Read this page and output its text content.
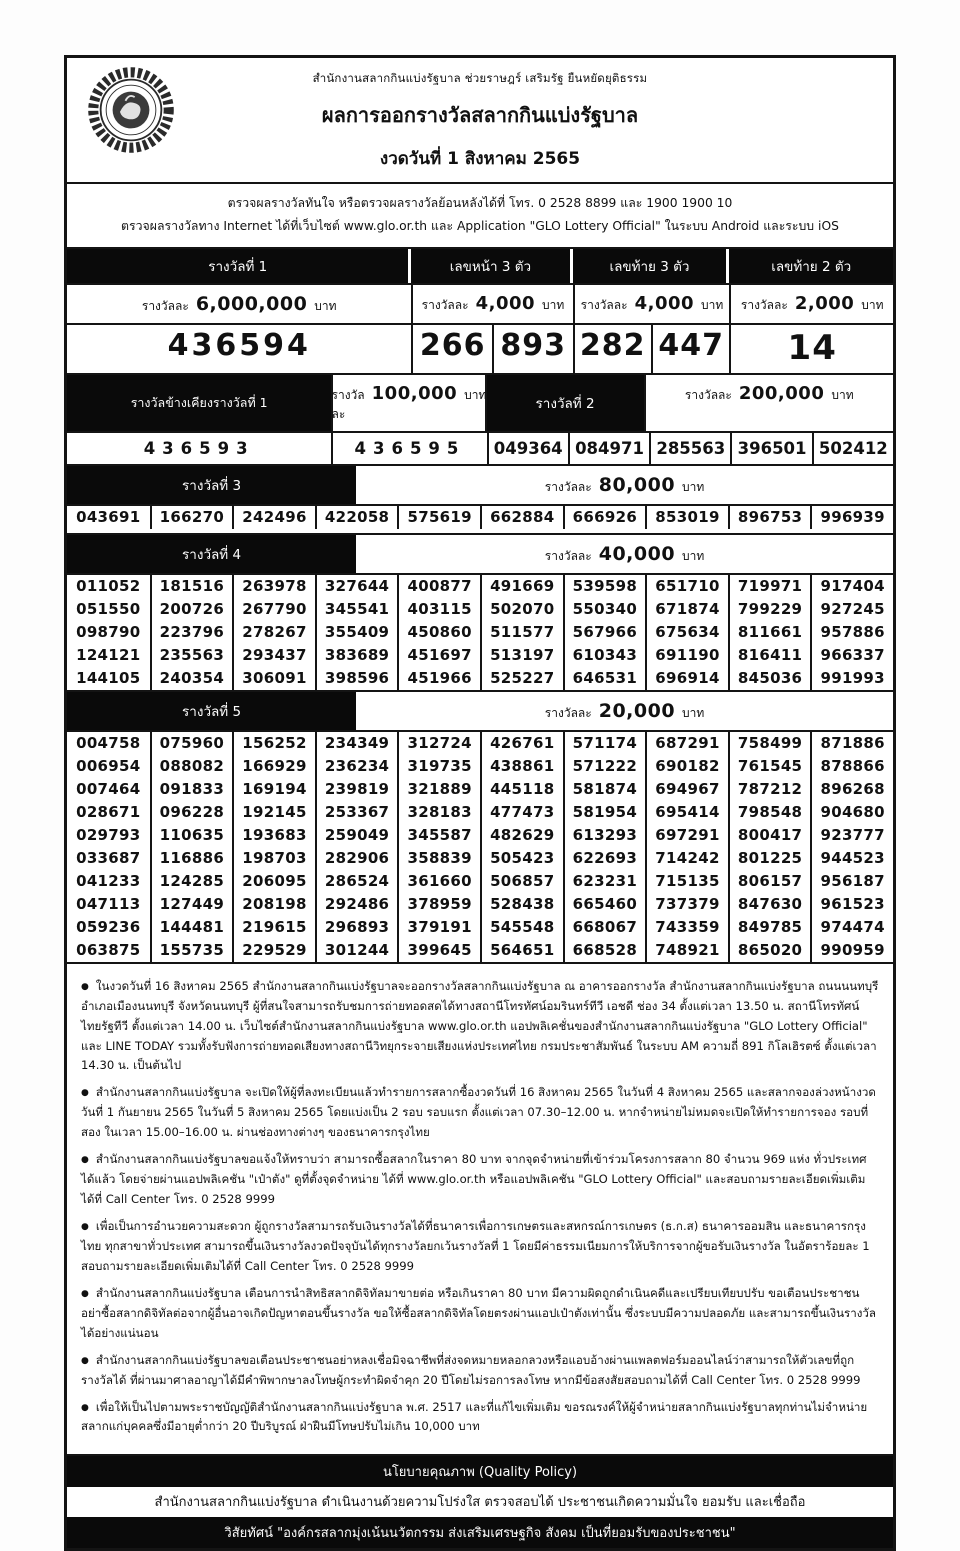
สำนักงานสลากกินแบ่งรัฐบาล ช่วยราษฎร์ เสริมรัฐ ยืนหยัดยุติธรรม
ผลการออกรางวัลสลากกินแบ่งรัฐบาล
งวดวันที่ 1 สิงหาคม 2565
ตรวจผลรางวัลทันใจ หรือตรวจผลรางวัลย้อนหลังได้ที่ โทร. 0 2528 8899 และ 1900 1900 10
ตรวจผลรางวัลทาง Internet ได้ที่เว็บไซต์ www.glo.or.th และ Application "GLO Lottery Official" ในระบบ Android และระบบ iOS
รางวัลที่ 1	เลขหน้า 3 ตัว	เลขท้าย 3 ตัว	เลขท้าย 2 ตัว
รางวัลละ 6,000,000 บาท	รางวัลละ 4,000 บาท รางวัลละ 4,000 บาท รางวัลละ 2,000 บาท
436594	266 893 282 447	14
รางวัลข้างเคียงรางวัลที่ 1	รางวัลละ
100,000 บาท
รางวัลที่ 2
รางวัลละ 200,000 บาท
436593	436595	049364 084971 285563 396501 502412
รางวัลที่ 3	รางวัลละ 80,000 บาท
043691	166270	242496	422058	575619	662884	666926	853019	896753	996939
รางวัลที่ 4	รางวัลละ 40,000 บาท
011052	181516	263978	327644	400877	491669	539598	651710	719971	917404
051550	200726	267790	345541	403115	502070	550340	671874	799229	927245
098790	223796	278267	355409	450860	511577	567966	675634	811661	957886
124121	235563	293437	383689	451697	513197	610343	691190	816411	966337
144105	240354	306091	398596	451966	525227	646531	696914	845036	991993
รางวัลที่ 5	รางวัลละ 20,000 บาท
004758	075960	156252	234349	312724	426761	571174	687291	758499	871886
006954	088082	166929	236234	319735	438861	571222	690182	761545	878866
007464	091833	169194	239819	321889	445118	581874	694967	787212	896268
028671	096228	192145	253367	328183	477473	581954	695414	798548	904680
029793	110635	193683	259049	345587	482629	613293	697291	800417	923777
033687	116886	198703	282906	358839	505423	622693	714242	801225	944523
041233	124285	206095	286524	361660	506857	623231	715135	806157	956187
047113	127449	208198	292486	378959	528438	665460	737379	847630	961523
059236	144481	219615	296893	379191	545548	668067	743359	849785	974474
063875	155735	229529	301244	399645	564651	668528	748921	865020	990959
● ในงวดวันที่ 16 สิงหาคม 2565 สำนักงานสลากกินแบ่งรัฐบาลจะออกรางวัลสลากกินแบ่งรัฐบาล ณ อาคารออกรางวัล สำนักงานสลากกินแบ่งรัฐบาล ถนนนนทบุรี อำเภอเมืองนนทบุรี จังหวัดนนทบุรี ผู้ที่สนใจสามารถรับชมการถ่ายทอดสดได้ทางสถานีโทรทัศน์อมรินทร์ทีวี เอชดี ช่อง 34 ตั้งแต่เวลา 13.50 น. สถานีโทรทัศน์ไทยรัฐทีวี ตั้งแต่เวลา 14.00 น. เว็บไซต์สำนักงานสลากกินแบ่งรัฐบาล www.glo.or.th แอปพลิเคชั่นของสำนักงานสลากกินแบ่งรัฐบาล "GLO Lottery Official" และ LINE TODAY รวมทั้งรับฟังการถ่ายทอดเสียงทางสถานีวิทยุกระจายเสียงแห่งประเทศไทย กรมประชาสัมพันธ์ ในระบบ AM ความถี่ 891 กิโลเฮิรตซ์ ตั้งแต่เวลา 14.30 น. เป็นต้นไป
● สำนักงานสลากกินแบ่งรัฐบาล จะเปิดให้ผู้ที่ลงทะเบียนแล้วทำรายการสลากซื้องวดวันที่ 16 สิงหาคม 2565 ในวันที่ 4 สิงหาคม 2565 และสลากจองล่วงหน้างวดวันที่ 1 กันยายน 2565 ในวันที่ 5 สิงหาคม 2565 โดยแบ่งเป็น 2 รอบ รอบแรก ตั้งแต่เวลา 07.30–12.00 น. หากจำหน่ายไม่หมดจะเปิดให้ทำรายการจอง รอบที่สอง ในเวลา 15.00–16.00 น. ผ่านช่องทางต่างๆ ของธนาคารกรุงไทย
● สำนักงานสลากกินแบ่งรัฐบาลขอแจ้งให้ทราบว่า สามารถซื้อสลากในราคา 80 บาท จากจุดจำหน่ายที่เข้าร่วมโครงการสลาก 80 จำนวน 969 แห่ง ทั่วประเทศได้แล้ว โดยจ่ายผ่านแอปพลิเคชัน "เป๋าตัง" ดูที่ตั้งจุดจำหน่าย ได้ที่ www.glo.or.th หรือแอปพลิเคชัน "GLO Lottery Official" และสอบถามรายละเอียดเพิ่มเติมได้ที่ Call Center โทร. 0 2528 9999
● เพื่อเป็นการอำนวยความสะดวก ผู้ถูกรางวัลสามารถรับเงินรางวัลได้ที่ธนาคารเพื่อการเกษตรและสหกรณ์การเกษตร (ธ.ก.ส) ธนาคารออมสิน และธนาคารกรุงไทย ทุกสาขาทั่วประเทศ สามารถขึ้นเงินรางวัลงวดปัจจุบันได้ทุกรางวัลยกเว้นรางวัลที่ 1 โดยมีค่าธรรมเนียมการให้บริการจากผู้ขอรับเงินรางวัล ในอัตราร้อยละ 1 สอบถามรายละเอียดเพิ่มเติมได้ที่ Call Center โทร. 0 2528 9999
● สำนักงานสลากกินแบ่งรัฐบาล เตือนการนำสิทธิสลากดิจิทัลมาขายต่อ หรือเกินราคา 80 บาท มีความผิดถูกดำเนินคดีและเปรียบเทียบปรับ ขอเตือนประชาชนอย่าซื้อสลากดิจิทัลต่อจากผู้อื่นอาจเกิดปัญหาตอนขึ้นรางวัล ขอให้ซื้อสลากดิจิทัลโดยตรงผ่านแอปเป๋าตังเท่านั้น ซึ่งระบบมีความปลอดภัย และสามารถขึ้นเงินรางวัลได้อย่างแน่นอน
● สำนักงานสลากกินแบ่งรัฐบาลขอเตือนประชาชนอย่าหลงเชื่อมิจฉาชีพที่ส่งจดหมายหลอกลวงหรือแอบอ้างผ่านแพลตฟอร์มออนไลน์ว่าสามารถให้ตัวเลขที่ถูกรางวัลได้ ที่ผ่านมาศาลอาญาได้มีคำพิพากษาลงโทษผู้กระทำผิดจำคุก 20 ปีโดยไม่รอการลงโทษ หากมีข้อสงสัยสอบถามได้ที่ Call Center โทร. 0 2528 9999
● เพื่อให้เป็นไปตามพระราชบัญญัติสำนักงานสลากกินแบ่งรัฐบาล พ.ศ. 2517 และที่แก้ไขเพิ่มเติม ขอรณรงค์ให้ผู้จำหน่ายสลากกินแบ่งรัฐบาลทุกท่านไม่จำหน่ายสลากแก่บุคคลซึ่งมีอายุต่ำกว่า 20 ปีบริบูรณ์ ฝ่าฝืนมีโทษปรับไม่เกิน 10,000 บาท
นโยบายคุณภาพ (Quality Policy)
สำนักงานสลากกินแบ่งรัฐบาล ดำเนินงานด้วยความโปร่งใส ตรวจสอบได้ ประชาชนเกิดความมั่นใจ ยอมรับ และเชื่อถือ
วิสัยทัศน์ "องค์กรสลากมุ่งเน้นนวัตกรรม ส่งเสริมเศรษฐกิจ สังคม เป็นที่ยอมรับของประชาชน"
